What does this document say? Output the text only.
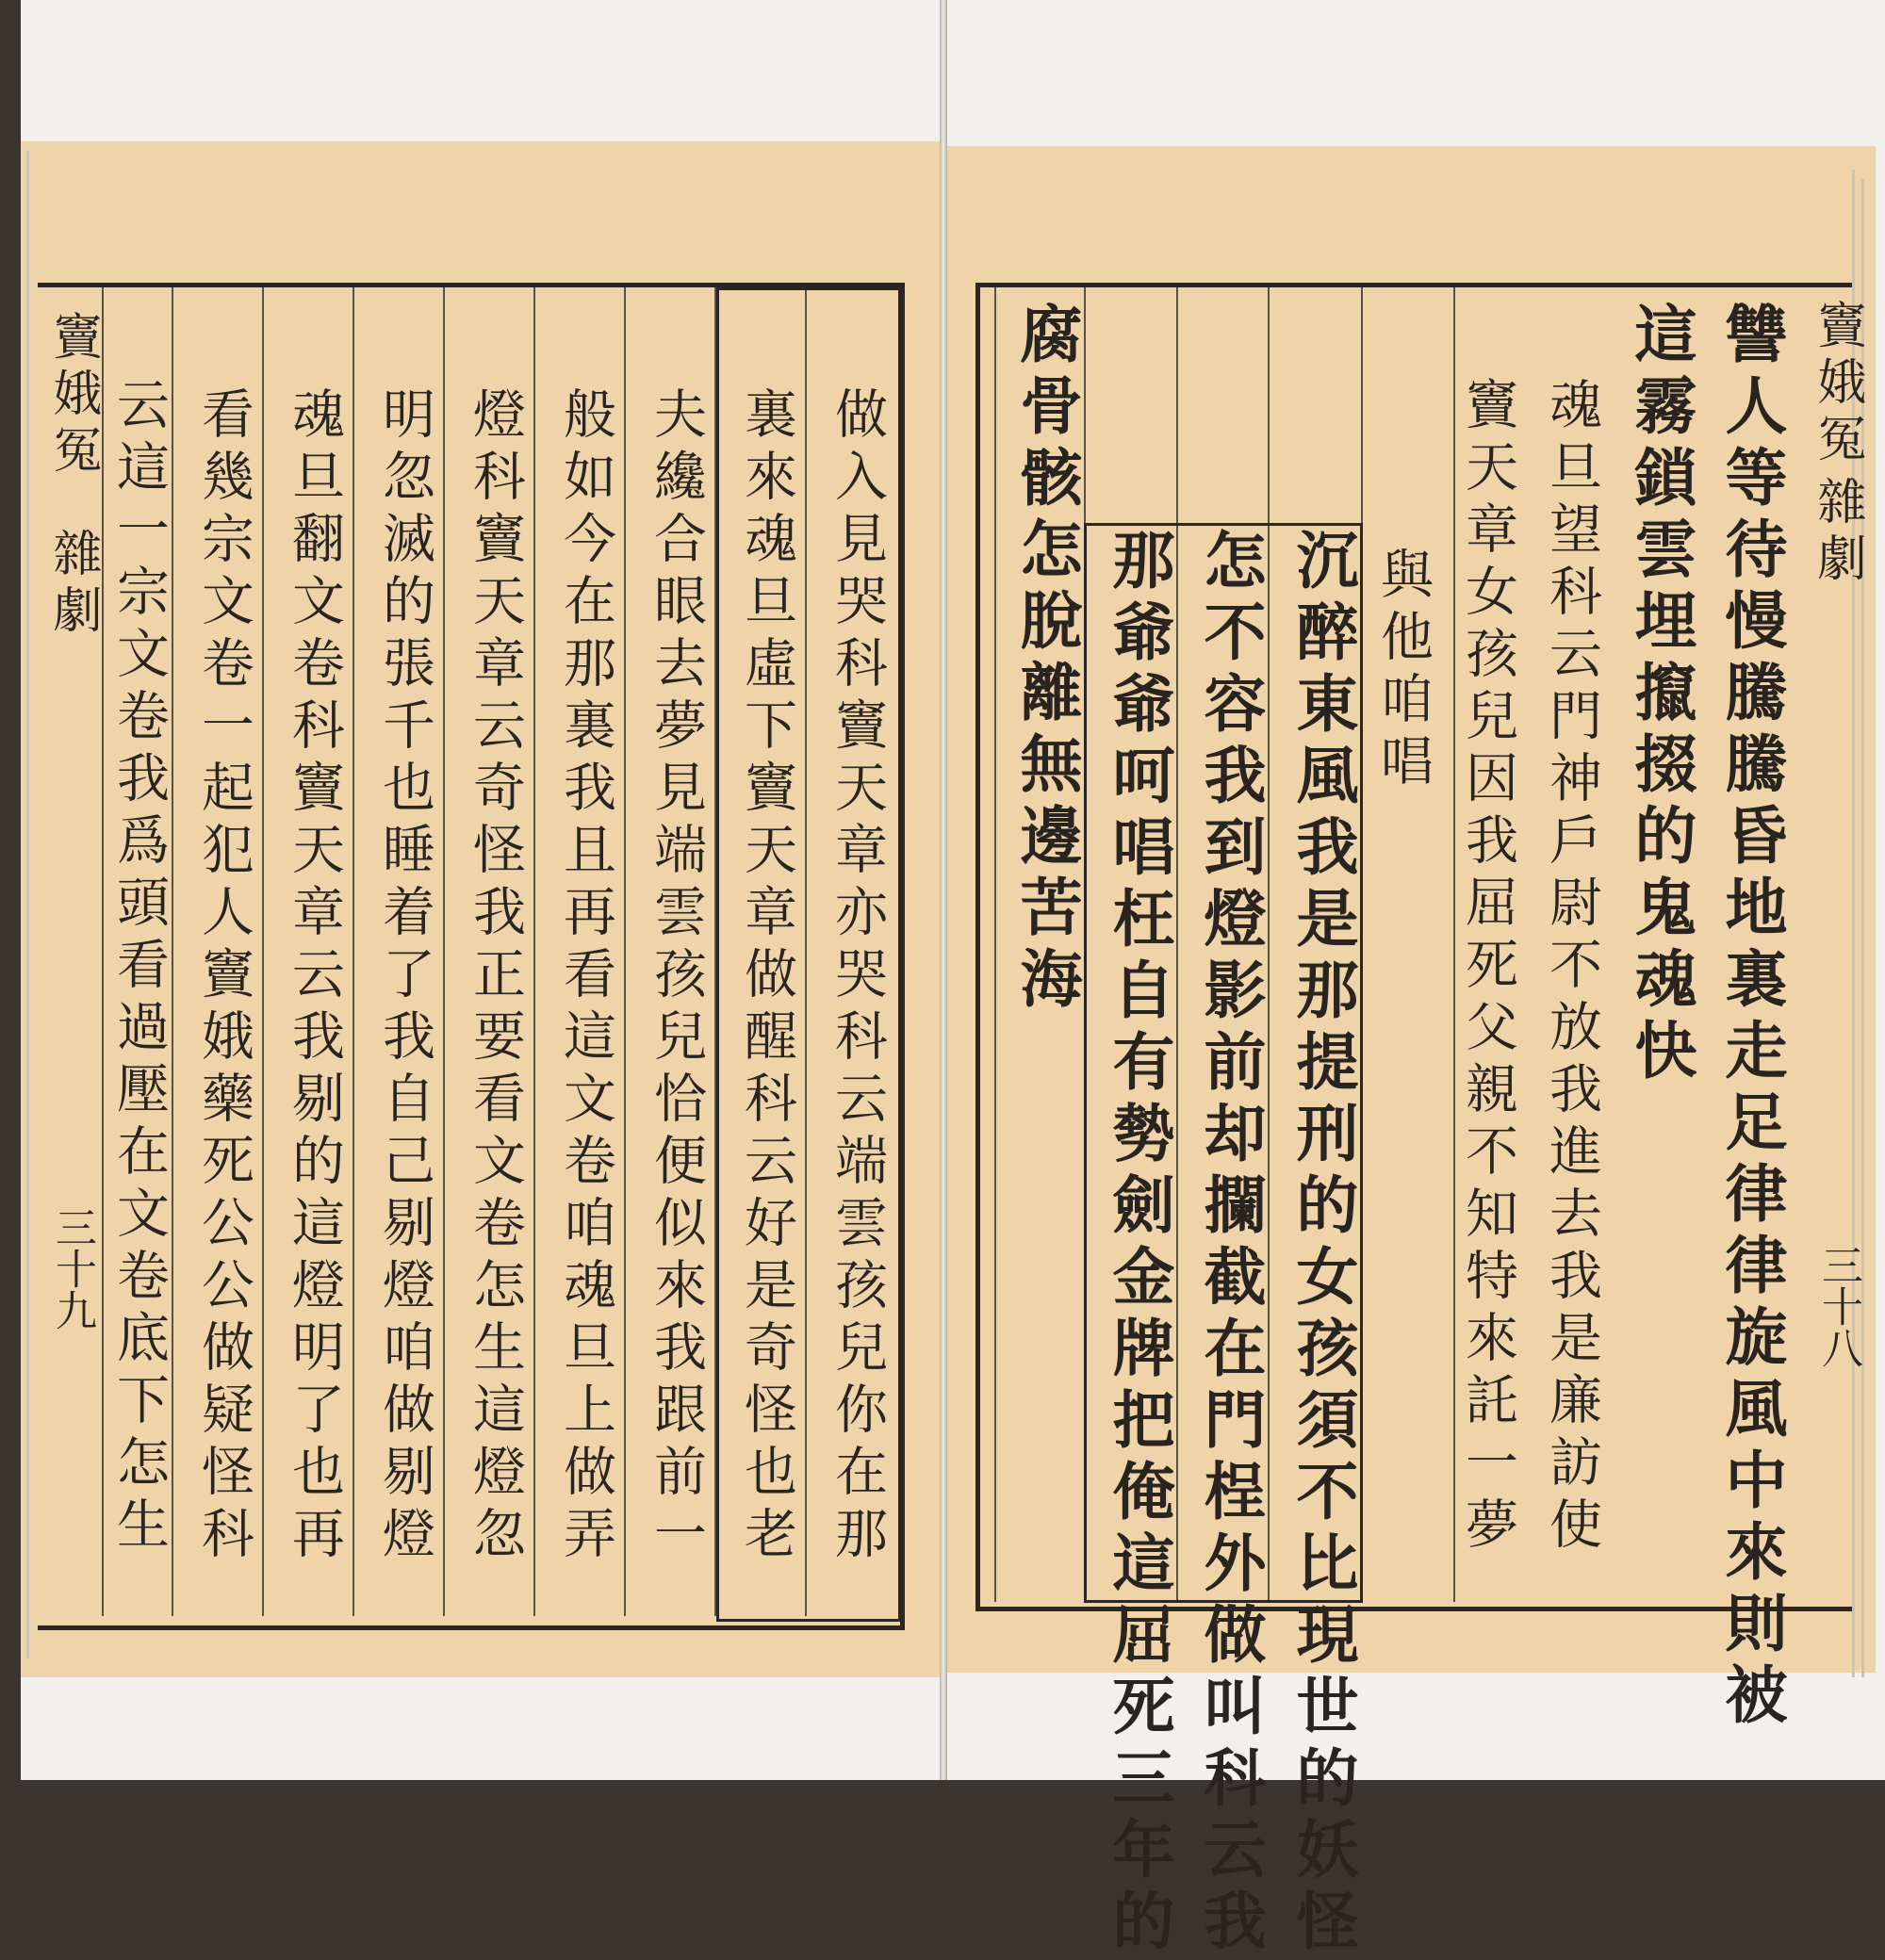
竇娥冤
雜劇
三十八
讐人等待慢騰騰昏地裏走足律律旋風中來則被
這霧鎖雲埋攛掇的鬼魂快
魂旦望科云門神戶尉不放我進去我是廉訪使
竇天章女孩兒因我屈死父親不知特來託一夢
與他咱唱
沉醉東風我是那提刑的女孩須不比現世的妖怪
怎不容我到燈影前却攔截在門桯外做叫科云我
那爺爺呵唱枉自有勢劍金牌把俺這屈死三年的
腐骨骸怎脫離無邊苦海
竇娥冤
雜劇
三十九	做入見哭科竇天章亦哭科云端雲孩兒你在那
裏來魂旦虛下竇天章做醒科云好是奇怪也老
夫纔合眼去夢見端雲孩兒恰便似來我跟前一
般如今在那裏我且再看這文卷咱魂旦上做弄
燈科竇天章云奇怪我正要看文卷怎生這燈忽
明忽滅的張千也睡着了我自己剔燈咱做剔燈
魂旦翻文卷科竇天章云我剔的這燈明了也再
看幾宗文卷一起犯人竇娥藥死公公做疑怪科
云這一宗文卷我爲頭看過壓在文卷底下怎生
